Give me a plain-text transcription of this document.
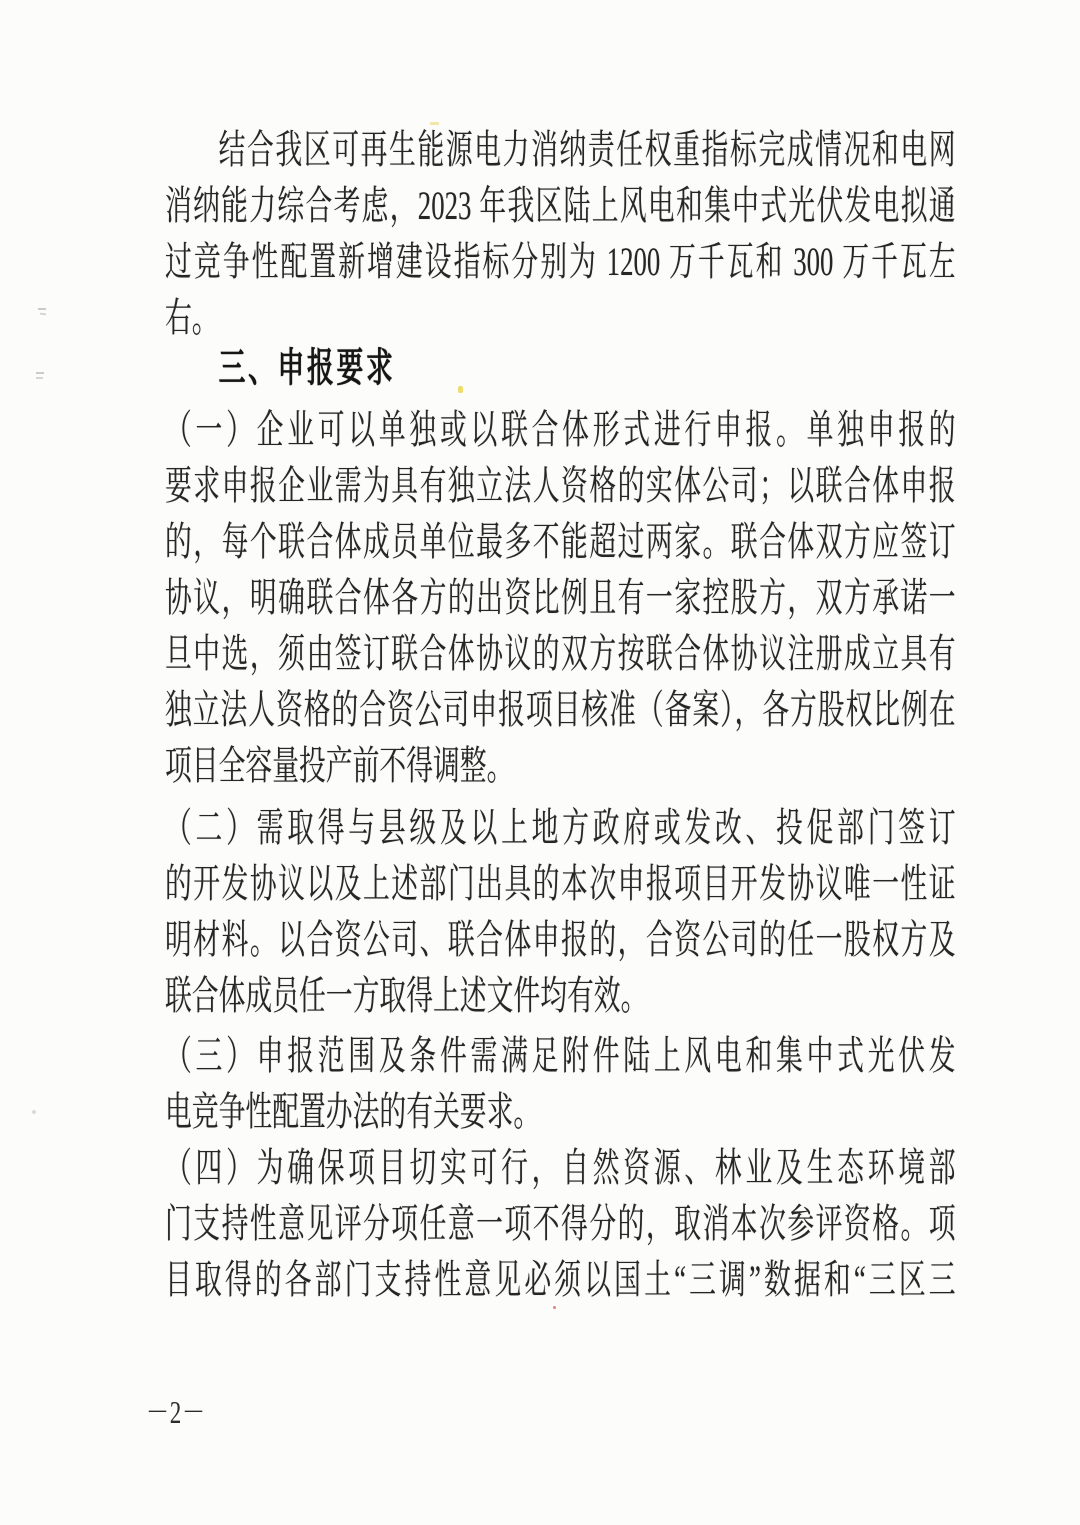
结合我区可再生能源电力消纳责任权重指标完成情况和电网
消纳能力综合考虑，2023 年我区陆上风电和集中式光伏发电拟通
过竞争性配置新增建设指标分别为 1200 万千瓦和 300 万千瓦左
右。

三、申报要求

（一）企业可以单独或以联合体形式进行申报。单独申报的
要求申报企业需为具有独立法人资格的实体公司；以联合体申报
的，每个联合体成员单位最多不能超过两家。联合体双方应签订
协议，明确联合体各方的出资比例且有一家控股方，双方承诺一
旦中选，须由签订联合体协议的双方按联合体协议注册成立具有
独立法人资格的合资公司申报项目核准（备案），各方股权比例在
项目全容量投产前不得调整。

（二）需取得与县级及以上地方政府或发改、投促部门签订
的开发协议以及上述部门出具的本次申报项目开发协议唯一性证
明材料。以合资公司、联合体申报的，合资公司的任一股权方及
联合体成员任一方取得上述文件均有效。

（三）申报范围及条件需满足附件陆上风电和集中式光伏发
电竞争性配置办法的有关要求。

（四）为确保项目切实可行，自然资源、林业及生态环境部
门支持性意见评分项任意一项不得分的，取消本次参评资格。项
目取得的各部门支持性意见必须以国土“三调”数据和“三区三

－2－
